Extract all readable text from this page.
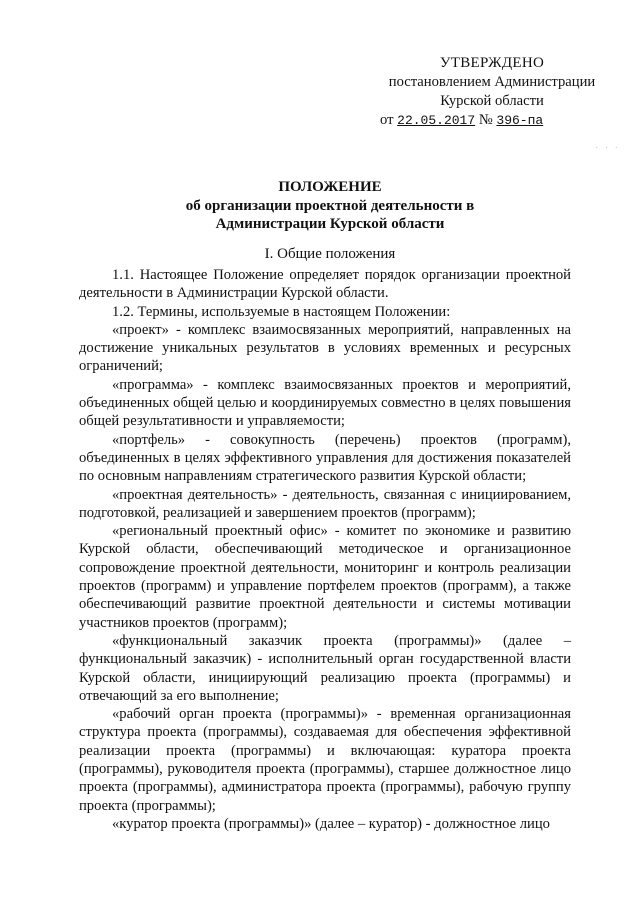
· · ·
УТВЕРЖДЕНО
постановлением Администрации
Курской области
от 22.05.2017 № 396-па
ПОЛОЖЕНИЕ
об организации проектной деятельности в
Администрации Курской области
I. Общие положения

1.1. Настоящее Положение определяет порядок организации проектной деятельности в Администрации Курской области.

1.2. Термины, используемые в настоящем Положении:

«проект» - комплекс взаимосвязанных мероприятий, направленных на достижение уникальных результатов в условиях временных и ресурсных ограничений;

«программа» - комплекс взаимосвязанных проектов и мероприятий, объединенных общей целью и координируемых совместно в целях повышения общей результативности и управляемости;

«портфель» - совокупность (перечень) проектов (программ), объединенных в целях эффективного управления для достижения показателей по основным направлениям стратегического развития Курской области;

«проектная деятельность» - деятельность, связанная с инициированием, подготовкой, реализацией и завершением проектов (программ);

«региональный проектный офис» - комитет по экономике и развитию Курской области, обеспечивающий методическое и организационное сопровождение проектной деятельности, мониторинг и контроль реализации проектов (программ) и управление портфелем проектов (программ), а также обеспечивающий развитие проектной деятельности и системы мотивации участников проектов (программ);

«функциональный заказчик проекта (программы)» (далее – функциональный заказчик) - исполнительный орган государственной власти Курской области, инициирующий реализацию проекта (программы) и отвечающий за его выполнение;

«рабочий орган проекта (программы)» - временная организационная структура проекта (программы), создаваемая для обеспечения эффективной реализации проекта (программы) и включающая: куратора проекта (программы), руководителя проекта (программы), старшее должностное лицо проекта (программы), администратора проекта (программы), рабочую группу проекта (программы);

«куратор проекта (программы)» (далее – куратор) - должностное лицо
